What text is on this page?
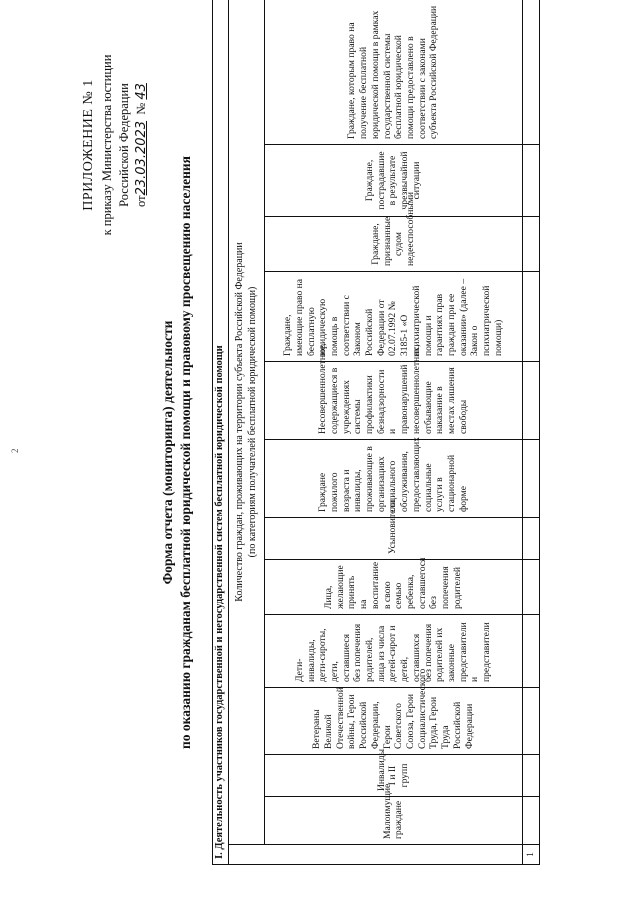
2
ПРИЛОЖЕНИЕ № 1 к приказу Министерства юстиции Российской Федерации от23.03.2023  № 43
Форма отчета (мониторинга) деятельности по оказанию гражданам бесплатной юридической помощи и правовому просвещению населения I. Деятельность участников государственной и негосударственной систем бесплатной юридической помощи												

	Количество граждан, проживающих на территории субъекта Российской Федерации (по категориям получателей бесплатной юридической помощи)											

	Малоимущие граждане	Инвалиды I и II групп	Ветераны Великой Отечественной войны, Герои Российской Федерации, Герои Советского Союза, Герои Социалистического Труда, Герои Труда Российской Федерации	Дети-инвалиды, дети-сироты, дети, оставшиеся без попечения родителей, лица из числа детей-сирот и детей, оставшихся без попечения родителей их законные представители и представители	Лица, желающие принять на воспитание в свою семью ребенка, оставшегося без попечения родителей	Усыновители	Граждане пожилого возраста и инвалиды, проживающие в организациях социального обслуживания, предоставляющих социальные услуги в стационарной форме	Несовершеннолетние, содержащиеся в учреждениях системы профилактики безнадзорности и правонарушений несовершеннолетних, отбывающие наказание в местах лишения свободы	Граждане, имеющие право на бесплатную юридическую помощь в соответствии с Законом Российской Федерации от 02.07.1992 № 3185-1 «О психиатрической помощи и гарантиях прав граждан при ее оказании» (далее – Закон о психиатрической помощи)	Граждане, признанные судом недееспособными	Граждане, пострадавшие в результате чрезвычайной ситуации	Граждане, которым право на получение бесплатной юридической помощи в рамках государственной системы бесплатной юридической помощи предоставлено в соответствии с законами субъекта Российской Федерации
1												
